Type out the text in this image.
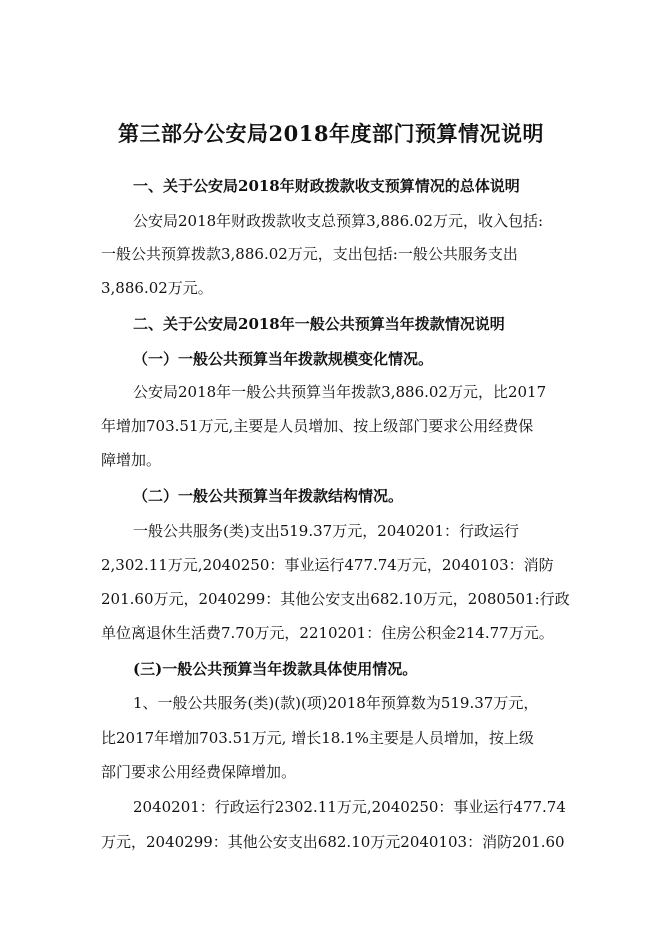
第三部分公安局2018年度部门预算情况说明
一、关于公安局2018年财政拨款收支预算情况的总体说明
公安局2018年财政拨款收支总预算3,886.02万元，收入包括:
一般公共预算拨款3,886.02万元，支出包括:一般公共服务支出
3,886.02万元。
二、关于公安局2018年一般公共预算当年拨款情况说明
（一）一般公共预算当年拨款规模变化情况。
公安局2018年一般公共预算当年拨款3,886.02万元，比2017
年增加703.51万元,主要是人员增加、按上级部门要求公用经费保
障增加。
（二）一般公共预算当年拨款结构情况。
一般公共服务(类)支出519.37万元，2040201：行政运行
2,302.11万元,2040250：事业运行477.74万元，2040103：消防
201.60万元，2040299：其他公安支出682.10万元，2080501:行政
单位离退休生活费7.70万元，2210201：住房公积金214.77万元。
(三)一般公共预算当年拨款具体使用情况。
1、一般公共服务(类)(款)(项)2018年预算数为519.37万元，
比2017年增加703.51万元, 增长18.1%主要是人员增加，按上级
部门要求公用经费保障增加。
2040201：行政运行2302.11万元,2040250：事业运行477.74
万元，2040299：其他公安支出682.10万元2040103：消防201.60
